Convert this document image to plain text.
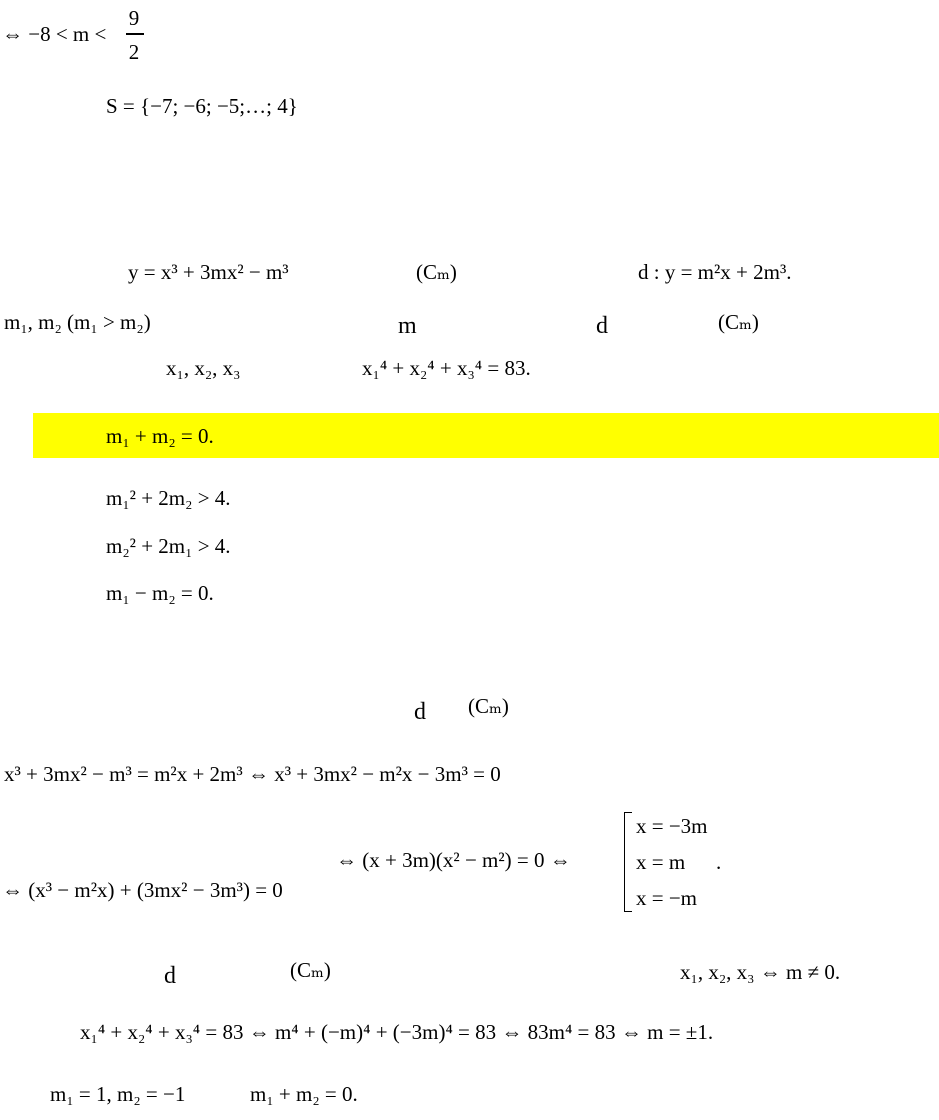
⇔ −8 < m <
9
2
S = {−7; −6; −5;…; 4}
y = x³ + 3mx² − m³	(Cₘ)	d : y = m²x + 2m³.
m₁, m₂ (m₁ > m₂)	m	d	(Cₘ)
x₁, x₂, x₃	x₁⁴ + x₂⁴ + x₃⁴ = 83.
m₁ + m₂ = 0.
m₁² + 2m₂ > 4.
m₂² + 2m₁ > 4.
m₁ − m₂ = 0.
d (Cₘ)
x³ + 3mx² − m³ = m²x + 2m³ ⇔ x³ + 3mx² − m²x − 3m³ = 0
⇔ (x + 3m)(x² − m²) = 0 ⇔
x = −3m
x = m
x = −m
.
⇔ (x³ − m²x) + (3mx² − 3m³) = 0
d	(Cₘ)	x₁, x₂, x₃ ⇔ m ≠ 0.
x₁⁴ + x₂⁴ + x₃⁴ = 83 ⇔ m⁴ + (−m)⁴ + (−3m)⁴ = 83 ⇔ 83m⁴ = 83 ⇔ m = ±1.
m₁ = 1, m₂ = −1	m₁ + m₂ = 0.
